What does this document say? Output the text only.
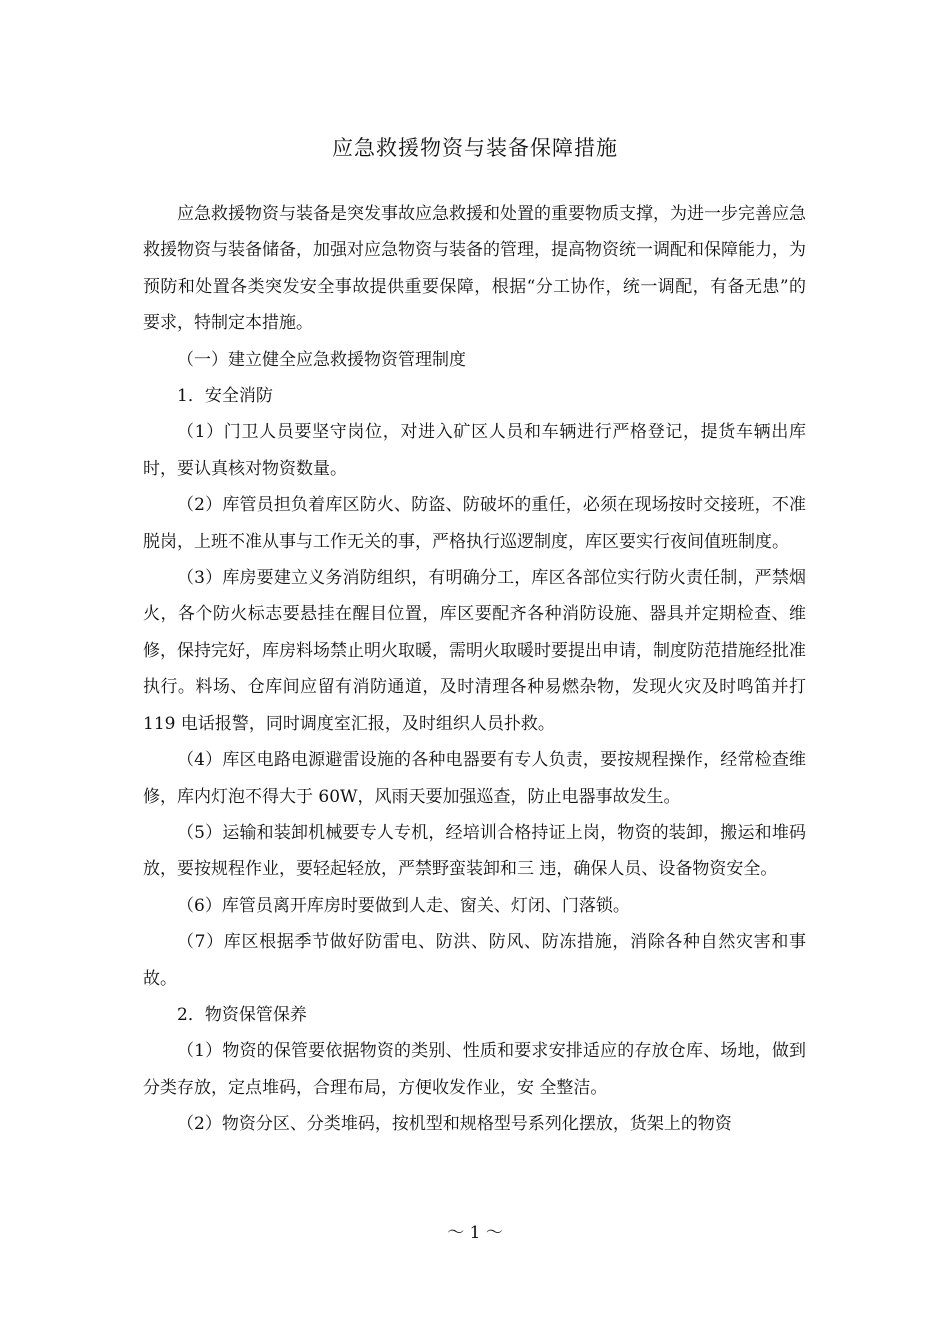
应急救援物资与装备保障措施

应急救援物资与装备是突发事故应急救援和处置的重要物质支撑，为进一步完善应急救援物资与装备储备，加强对应急物资与装备的管理，提高物资统一调配和保障能力，为预防和处置各类突发安全事故提供重要保障，根据“分工协作，统一调配，有备无患”的要求，特制定本措施。

（一）建立健全应急救援物资管理制度

1．安全消防

（1）门卫人员要坚守岗位，对进入矿区人员和车辆进行严格登记，提货车辆出库时，要认真核对物资数量。

（2）库管员担负着库区防火、防盗、防破坏的重任，必须在现场按时交接班，不准脱岗，上班不准从事与工作无关的事，严格执行巡逻制度，库区要实行夜间值班制度。

（3）库房要建立义务消防组织，有明确分工，库区各部位实行防火责任制，严禁烟火，各个防火标志要悬挂在醒目位置，库区要配齐各种消防设施、器具并定期检查、维修，保持完好，库房料场禁止明火取暖，需明火取暖时要提出申请，制度防范措施经批准执行。料场、仓库间应留有消防通道，及时清理各种易燃杂物，发现火灾及时鸣笛并打 119 电话报警，同时调度室汇报，及时组织人员扑救。

（4）库区电路电源避雷设施的各种电器要有专人负责，要按规程操作，经常检查维修，库内灯泡不得大于 60W，风雨天要加强巡查，防止电器事故发生。

（5）运输和装卸机械要专人专机，经培训合格持证上岗，物资的装卸，搬运和堆码放，要按规程作业，要轻起轻放，严禁野蛮装卸和三 违，确保人员、设备物资安全。

（6）库管员离开库房时要做到人走、窗关、灯闭、门落锁。

（7）库区根据季节做好防雷电、防洪、防风、防冻措施，消除各种自然灾害和事故。

2．物资保管保养

（1）物资的保管要依据物资的类别、性质和要求安排适应的存放仓库、场地，做到分类存放，定点堆码，合理布局，方便收发作业，安 全整洁。

（2）物资分区、分类堆码，按机型和规格型号系列化摆放，货架上的物资

～ 1 ～
